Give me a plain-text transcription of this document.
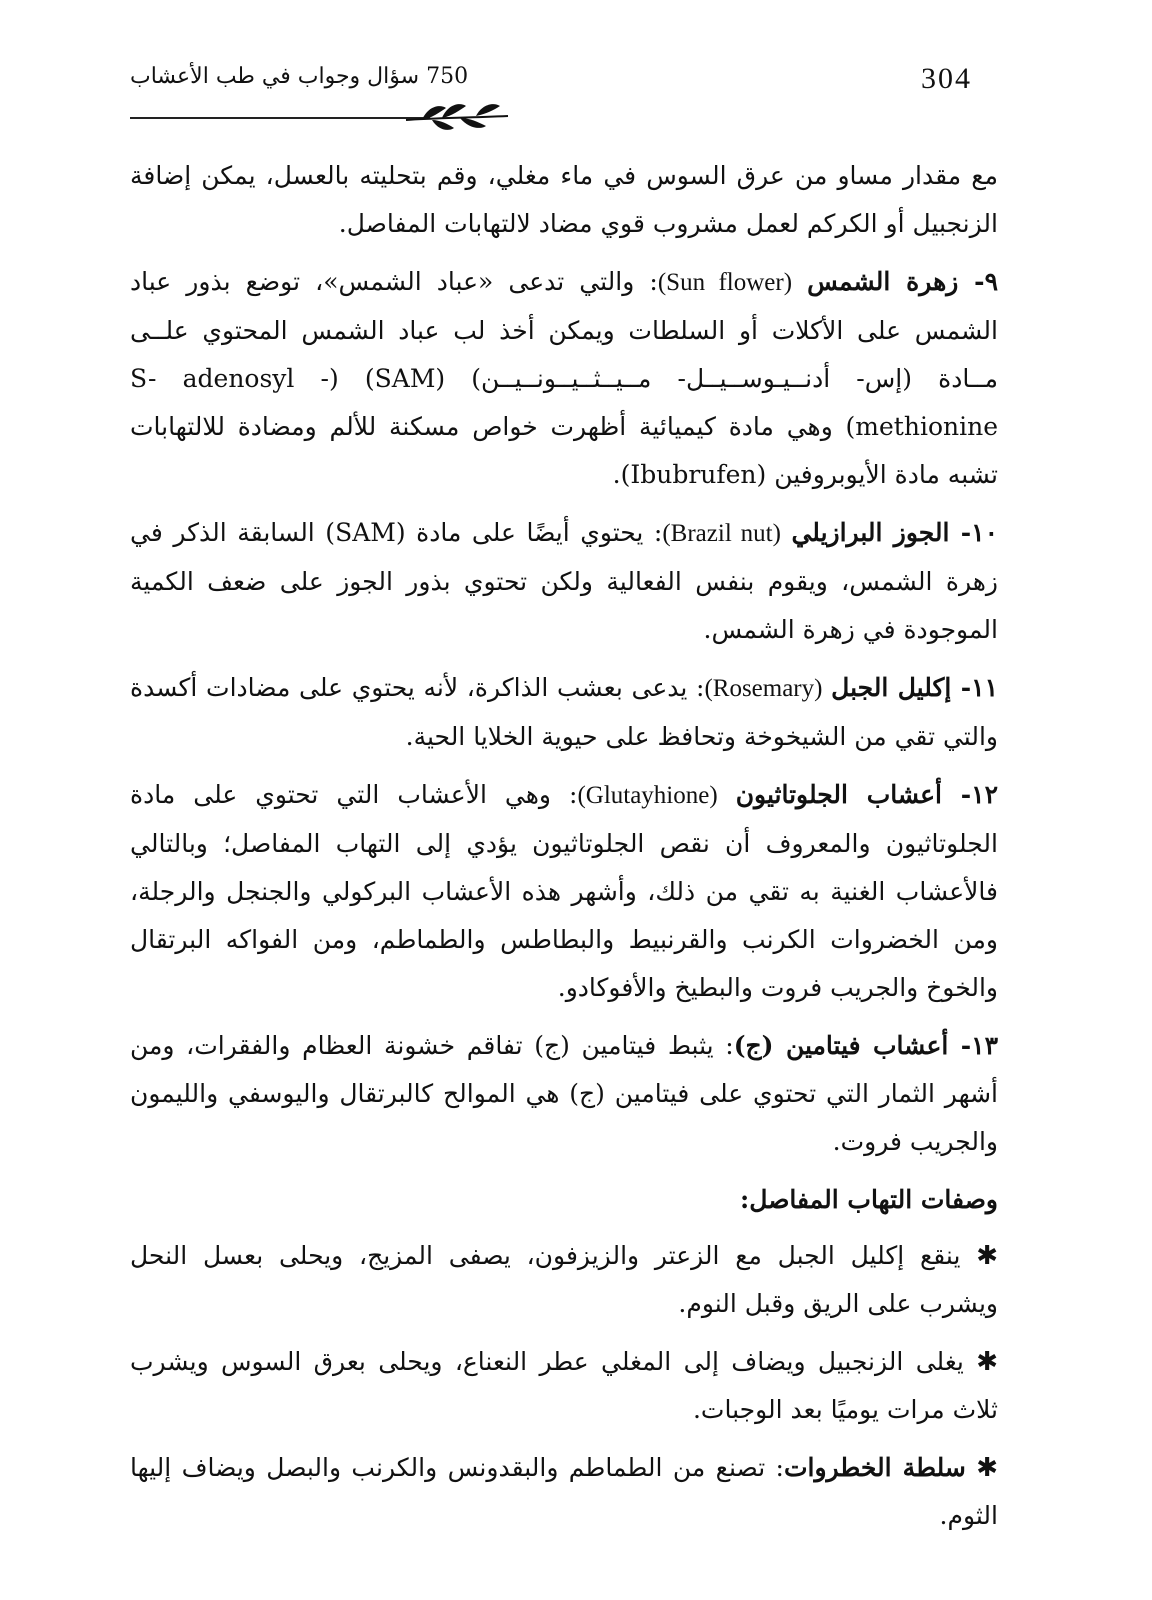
750 سؤال وجواب في طب الأعشاب	304

مع مقدار مساو من عرق السوس في ماء مغلي، وقم بتحليته بالعسل، يمكن إضافة الزنجبيل أو الكركم لعمل مشروب قوي مضاد لالتهابات المفاصل.

٩- زهرة الشمس (Sun flower): والتي تدعى «عباد الشمس»، توضع بذور عباد الشمس على الأكلات أو السلطات ويمكن أخذ لب عباد الشمس المحتوي علــى مــادة (إس- أدنــيـوســيــل- مــيــثــيــونــيــن) (SAM) (S- adenosyl -methionine) وهي مادة كيميائية أظهرت خواص مسكنة للألم ومضادة للالتهابات تشبه مادة الأيوبروفين (Ibubrufen).

١٠- الجوز البرازيلي (Brazil nut): يحتوي أيضًا على مادة (SAM) السابقة الذكر في زهرة الشمس، ويقوم بنفس الفعالية ولكن تحتوي بذور الجوز على ضعف الكمية الموجودة في زهرة الشمس.

١١- إكليل الجبل (Rosemary): يدعى بعشب الذاكرة، لأنه يحتوي على مضادات أكسدة والتي تقي من الشيخوخة وتحافظ على حيوية الخلايا الحية.

١٢- أعشاب الجلوتاثيون (Glutayhione): وهي الأعشاب التي تحتوي على مادة الجلوتاثيون والمعروف أن نقص الجلوتاثيون يؤدي إلى التهاب المفاصل؛ وبالتالي فالأعشاب الغنية به تقي من ذلك، وأشهر هذه الأعشاب البركولي والجنجل والرجلة، ومن الخضروات الكرنب والقرنبيط والبطاطس والطماطم، ومن الفواكه البرتقال والخوخ والجريب فروت والبطيخ والأفوكادو.

١٣- أعشاب فيتامين (ج): يثبط فيتامين (ج) تفاقم خشونة العظام والفقرات، ومن أشهر الثمار التي تحتوي على فيتامين (ج) هي الموالح كالبرتقال واليوسفي والليمون والجريب فروت.

وصفات التهاب المفاصل:

✱ ينقع إكليل الجبل مع الزعتر والزيزفون، يصفى المزيج، ويحلى بعسل النحل ويشرب على الريق وقبل النوم.

✱ يغلى الزنجبيل ويضاف إلى المغلي عطر النعناع، ويحلى بعرق السوس ويشرب ثلاث مرات يوميًا بعد الوجبات.

✱ سلطة الخطروات: تصنع من الطماطم والبقدونس والكرنب والبصل ويضاف إليها الثوم.
